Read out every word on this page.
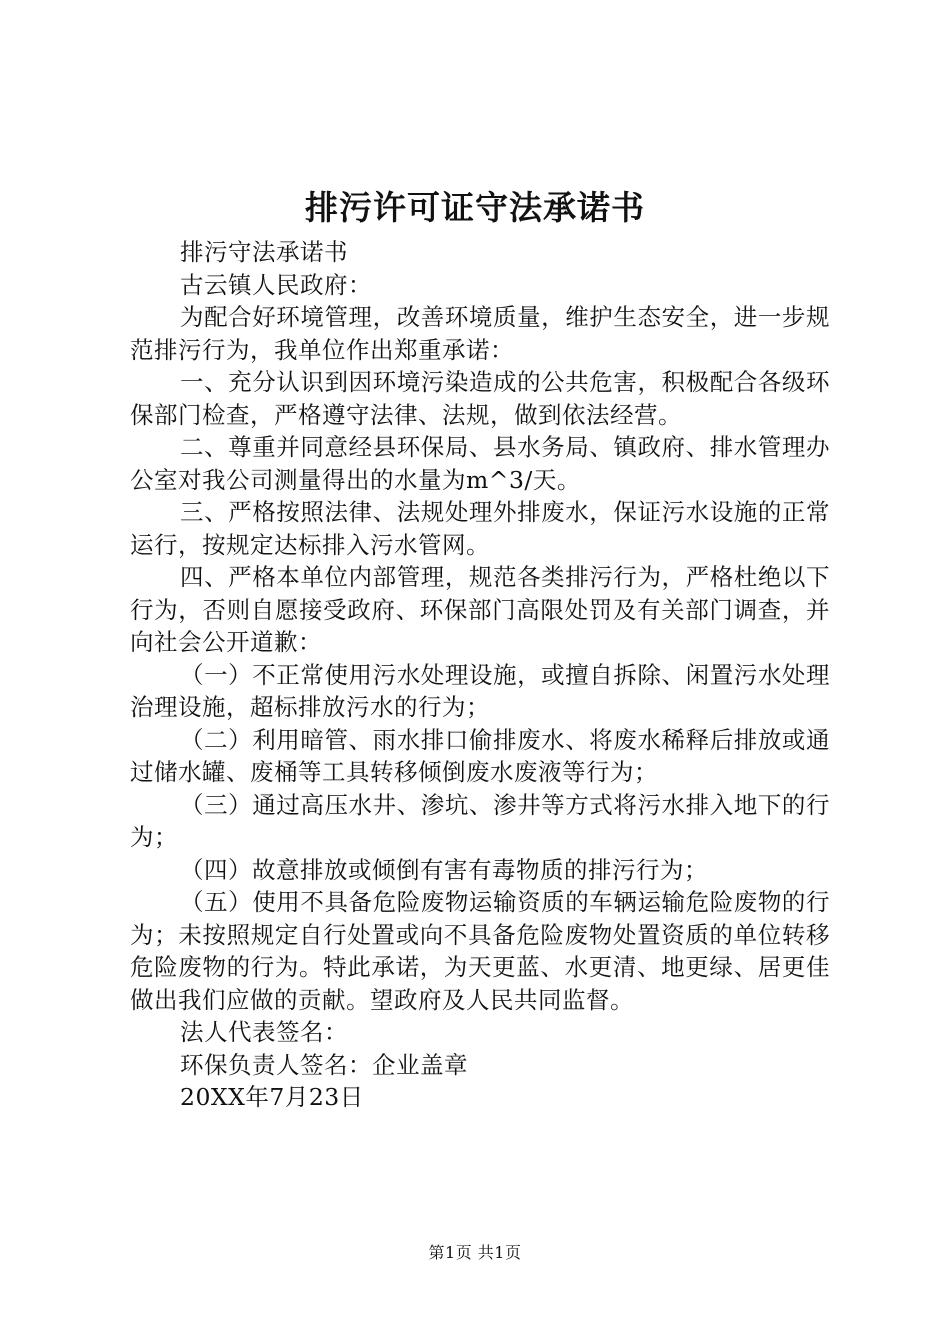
排污许可证守法承诺书

排污守法承诺书

古云镇人民政府：

为配合好环境管理，改善环境质量，维护生态安全，进一步规范排污行为，我单位作出郑重承诺：

一、充分认识到因环境污染造成的公共危害，积极配合各级环保部门检查，严格遵守法律、法规，做到依法经营。

二、尊重并同意经县环保局、县水务局、镇政府、排水管理办公室对我公司测量得出的水量为m^3/天。

三、严格按照法律、法规处理外排废水，保证污水设施的正常运行，按规定达标排入污水管网。

四、严格本单位内部管理，规范各类排污行为，严格杜绝以下行为，否则自愿接受政府、环保部门高限处罚及有关部门调查，并向社会公开道歉：

（一）不正常使用污水处理设施，或擅自拆除、闲置污水处理治理设施，超标排放污水的行为；

（二）利用暗管、雨水排口偷排废水、将废水稀释后排放或通过储水罐、废桶等工具转移倾倒废水废液等行为；

（三）通过高压水井、渗坑、渗井等方式将污水排入地下的行为；

（四）故意排放或倾倒有害有毒物质的排污行为；

（五）使用不具备危险废物运输资质的车辆运输危险废物的行为；未按照规定自行处置或向不具备危险废物处置资质的单位转移危险废物的行为。特此承诺，为天更蓝、水更清、地更绿、居更佳做出我们应做的贡献。望政府及人民共同监督。

法人代表签名：

环保负责人签名：企业盖章

20XX年7月23日

第1页 共1页
